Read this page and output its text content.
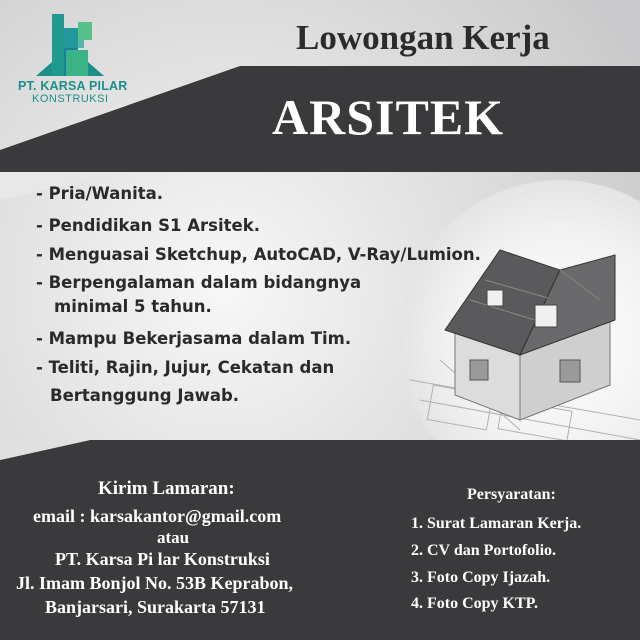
PT. KARSA PILAR
KONSTRUKSI
Lowongan Kerja
ARSITEK
- Pria/Wanita.
- Pendidikan S1 Arsitek.
- Menguasai Sketchup, AutoCAD, V-Ray/Lumion.
- Berpengalaman dalam bidangnya
minimal 5 tahun.
- Mampu Bekerjasama dalam Tim.
- Teliti, Rajin, Jujur, Cekatan dan
Bertanggung Jawab.
Kirim Lamaran:
email : karsakantor@gmail.com
atau
PT. Karsa Pi lar Konstruksi
Jl. Imam Bonjol No. 53B Keprabon,
Banjarsari, Surakarta 57131
Persyaratan:
1. Surat Lamaran Kerja.
2. CV dan Portofolio.
3. Foto Copy Ijazah.
4. Foto Copy KTP.
